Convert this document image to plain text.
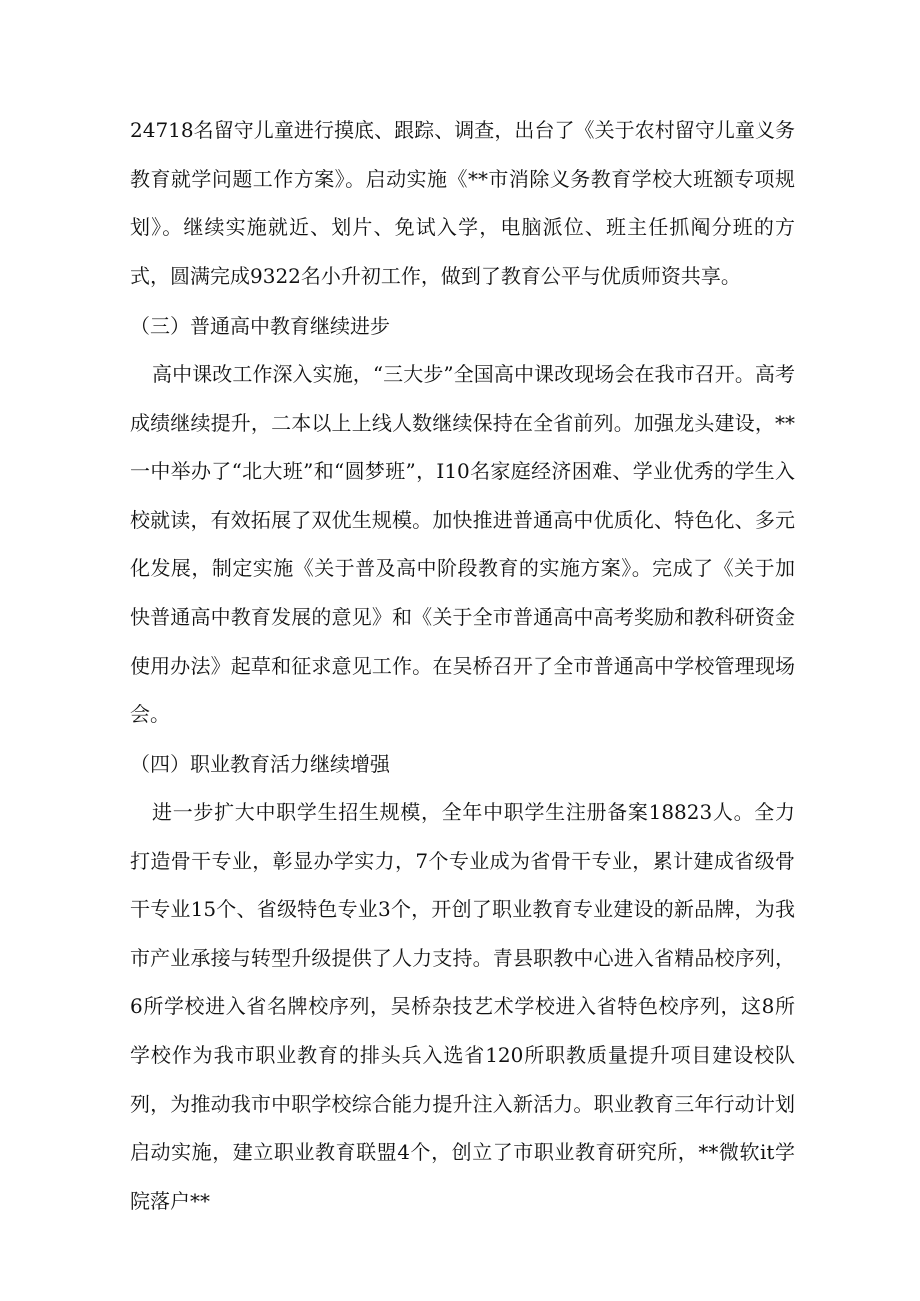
24718名留守儿童进行摸底、跟踪、调查，出台了《关于农村留守儿童义务教育就学问题工作方案》。启动实施《**市消除义务教育学校大班额专项规划》。继续实施就近、划片、免试入学，电脑派位、班主任抓阄分班的方式，圆满完成9322名小升初工作，做到了教育公平与优质师资共享。
（三）普通高中教育继续进步
高中课改工作深入实施，“三大步”全国高中课改现场会在我市召开。高考成绩继续提升，二本以上上线人数继续保持在全省前列。加强龙头建设，**一中举办了“北大班”和“圆梦班”，I10名家庭经济困难、学业优秀的学生入校就读，有效拓展了双优生规模。加快推进普通高中优质化、特色化、多元化发展，制定实施《关于普及高中阶段教育的实施方案》。完成了《关于加快普通高中教育发展的意见》和《关于全市普通高中高考奖励和教科研资金使用办法》起草和征求意见工作。在吴桥召开了全市普通高中学校管理现场会。
（四）职业教育活力继续增强
进一步扩大中职学生招生规模，全年中职学生注册备案18823人。全力打造骨干专业，彰显办学实力，7个专业成为省骨干专业，累计建成省级骨干专业15个、省级特色专业3个，开创了职业教育专业建设的新品牌，为我市产业承接与转型升级提供了人力支持。青县职教中心进入省精品校序列，6所学校进入省名牌校序列，吴桥杂技艺术学校进入省特色校序列，这8所学校作为我市职业教育的排头兵入选省120所职教质量提升项目建设校队列，为推动我市中职学校综合能力提升注入新活力。职业教育三年行动计划启动实施，建立职业教育联盟4个，创立了市职业教育研究所，**微软it学院落户**
